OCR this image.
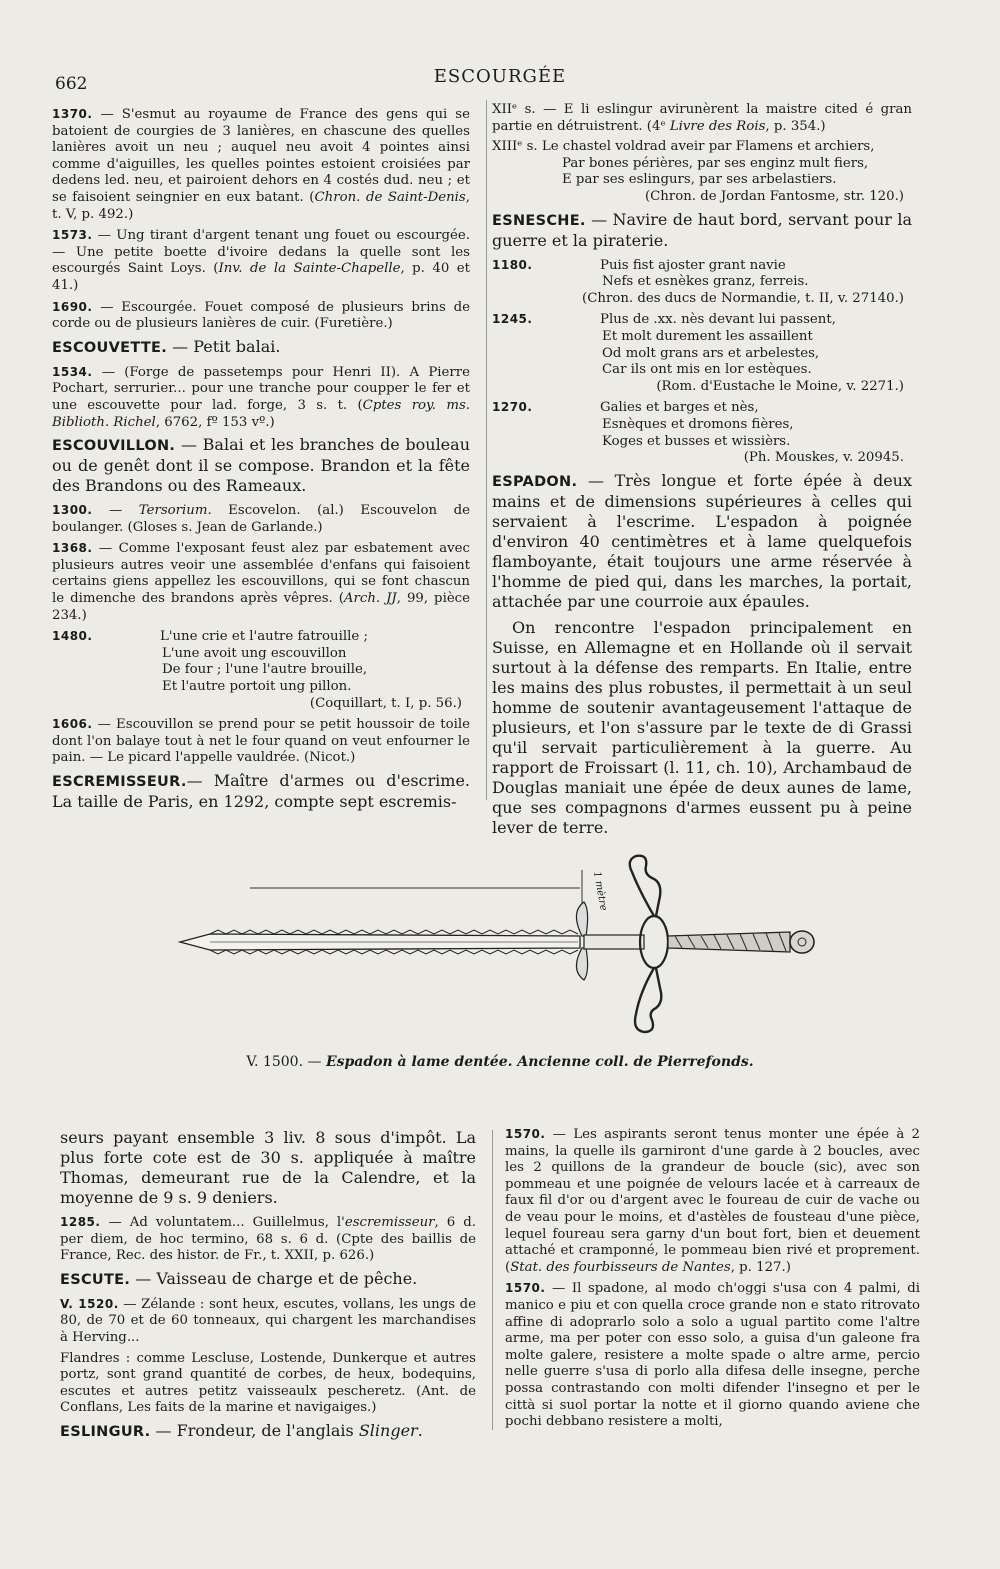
662	ESCOURGÉE

1370. — S'esmut au royaume de France des gens qui se batoient de courgies de 3 lanières, en chascune des quelles lanières avoit un neu ; auquel neu avoit 4 pointes ainsi comme d'aiguilles, les quelles pointes estoient croisiées par dedens led. neu, et pairoient dehors en 4 costés dud. neu ; et se faisoient seingnier en eux batant. (Chron. de Saint-Denis, t. V, p. 492.)

1573. — Ung tirant d'argent tenant ung fouet ou escourgée. — Une petite boette d'ivoire dedans la quelle sont les escourgés Saint Loys. (Inv. de la Sainte-Chapelle, p. 40 et 41.)

1690. — Escourgée. Fouet composé de plusieurs brins de corde ou de plusieurs lanières de cuir. (Furetière.)

ESCOUVETTE. — Petit balai.

1534. — (Forge de passetemps pour Henri II). A Pierre Pochart, serrurier... pour une tranche pour coupper le fer et une escouvette pour lad. forge, 3 s. t. (Cptes roy. ms. Biblioth. Richel, 6762, fº 153 vº.)

ESCOUVILLON. — Balai et les branches de bouleau ou de genêt dont il se compose. Brandon et la fête des Brandons ou des Rameaux.

1300. — Tersorium. Escovelon. (al.) Escouvelon de boulanger. (Gloses s. Jean de Garlande.)

1368. — Comme l'exposant feust alez par esbatement avec plusieurs autres veoir une assemblée d'enfans qui faisoient certains giens appellez les escouvillons, qui se font chascun le dimenche des brandons après vêpres. (Arch. JJ, 99, pièce 234.)

1480.	L'une crie et l'autre fatrouille ;
L'une avoit ung escouvillon
De four ; l'une l'autre brouille,
Et l'autre portoit ung pillon.
(Coquillart, t. I, p. 56.)

1606. — Escouvillon se prend pour se petit houssoir de toile dont l'on balaye tout à net le four quand on veut enfourner le pain. — Le picard l'appelle vauldrée. (Nicot.)

ESCREMISSEUR.— Maître d'armes ou d'escrime. La taille de Paris, en 1292, compte sept escremis-

XIIᵉ s. — E li eslingur avirunèrent la maistre cited é gran partie en détruistrent. (4ᵉ Livre des Rois, p. 354.)

XIIIᵉ s. Le chastel voldrad aveir par Flamens et archiers,
Par bones périères, par ses enginz mult fiers,
E par ses eslingurs, par ses arbelastiers.
(Chron. de Jordan Fantosme, str. 120.)

ESNESCHE. — Navire de haut bord, servant pour la guerre et la piraterie.

1180.	Puis fist ajoster grant navie
Nefs et esnèkes granz, ferreis.
(Chron. des ducs de Normandie, t. II, v. 27140.)
1245.	Plus de .xx. nès devant lui passent,
Et molt durement les assaillent
Od molt grans ars et arbelestes,
Car ils ont mis en lor estèques.
(Rom. d'Eustache le Moine, v. 2271.)
1270.	Galies et barges et nès,
Esnèques et dromons fières,
Koges et busses et wissièrs.
(Ph. Mouskes, v. 20945.

ESPADON. — Très longue et forte épée à deux mains et de dimensions supérieures à celles qui servaient à l'escrime. L'espadon à poignée d'environ 40 centimètres et à lame quelquefois flamboyante, était toujours une arme réservée à l'homme de pied qui, dans les marches, la portait, attachée par une courroie aux épaules.

On rencontre l'espadon principalement en Suisse, en Allemagne et en Hollande où il servait surtout à la défense des remparts. En Italie, entre les mains des plus robustes, il permettait à un seul homme de soutenir avantageusement l'attaque de plusieurs, et l'on s'assure par le texte de di Grassi qu'il servait particulièrement à la guerre. Au rapport de Froissart (l. 11, ch. 10), Archambaud de Douglas maniait une épée de deux aunes de lame, que ses compagnons d'armes eussent pu à peine lever de terre.

1 mètre
V. 1500. — Espadon à lame dentée. Ancienne coll. de Pierrefonds.

seurs payant ensemble 3 liv. 8 sous d'impôt. La plus forte cote est de 30 s. appliquée à maître Thomas, demeurant rue de la Calendre, et la moyenne de 9 s. 9 deniers.

1285. — Ad voluntatem... Guillelmus, l'escremisseur, 6 d. per diem, de hoc termino, 68 s. 6 d. (Cpte des baillis de France, Rec. des histor. de Fr., t. XXII, p. 626.)

ESCUTE. — Vaisseau de charge et de pêche.

V. 1520. — Zélande : sont heux, escutes, vollans, les ungs de 80, de 70 et de 60 tonneaux, qui chargent les marchandises à Herving...

Flandres : comme Lescluse, Lostende, Dunkerque et autres portz, sont grand quantité de corbes, de heux, bodequins, escutes et autres petitz vaisseaulx pescheretz. (Ant. de Conflans, Les faits de la marine et navigaiges.)

ESLINGUR. — Frondeur, de l'anglais Slinger.

1570. — Les aspirants seront tenus monter une épée à 2 mains, la quelle ils garniront d'une garde à 2 boucles, avec les 2 quillons de la grandeur de boucle (sic), avec son pommeau et une poignée de velours lacée et à carreaux de faux fil d'or ou d'argent avec le foureau de cuir de vache ou de veau pour le moins, et d'astèles de fousteau d'une pièce, lequel foureau sera garny d'un bout fort, bien et deuement attaché et cramponné, le pommeau bien rivé et proprement. (Stat. des fourbisseurs de Nantes, p. 127.)

1570. — Il spadone, al modo ch'oggi s'usa con 4 palmi, di manico e piu et con quella croce grande non e stato ritrovato affine di adoprarlo solo a solo a ugual partito come l'altre arme, ma per poter con esso solo, a guisa d'un galeone fra molte galere, resistere a molte spade o altre arme, percio nelle guerre s'usa di porlo alla difesa delle insegne, perche possa contrastando con molti difender l'insegno et per le città si suol portar la notte et il giorno quando aviene che pochi debbano resistere a molti,
